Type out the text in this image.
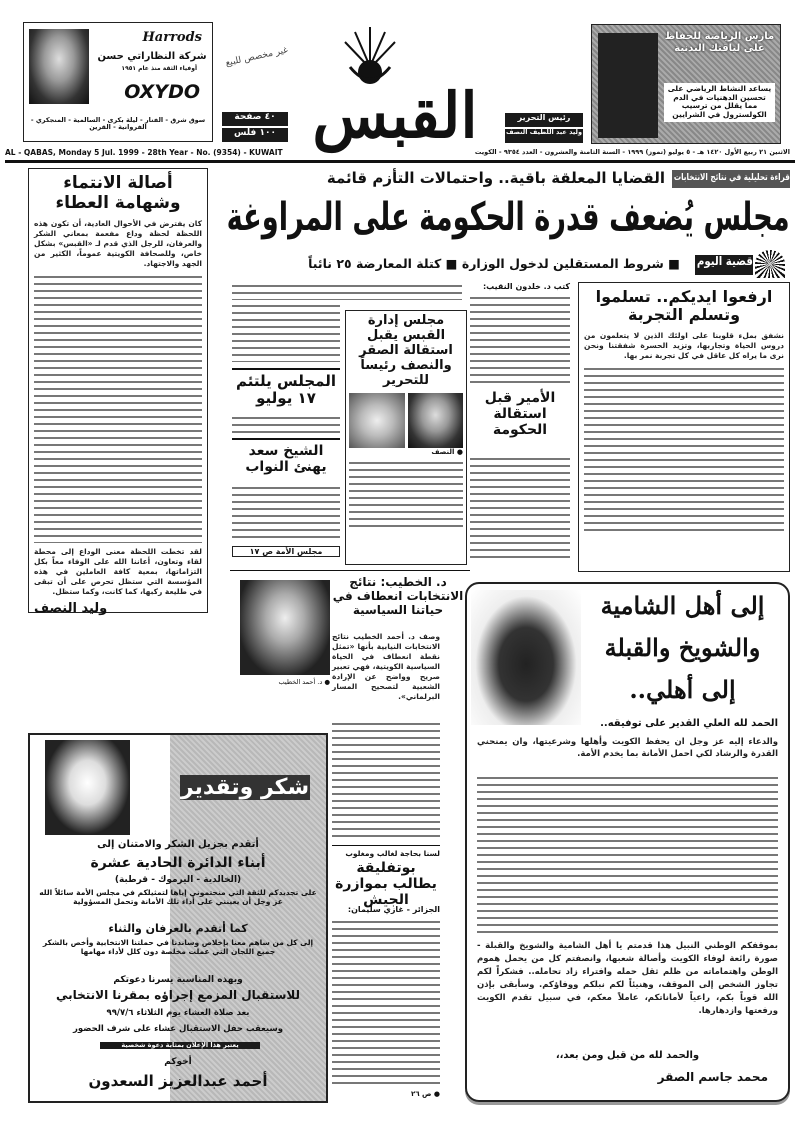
Harrods
شركة النظاراتي حسن
أوفياء الثقة منذ عام ١٩٥١
OXYDO
سوق شرق - الفنار - ليلة بكرى - السالمية - المنجكري - الفروانية - القرين
غير مخصص للبيع
٤٠ صفحة
١٠٠ فلس القبس	رئيس التحرير
وليد عبد اللطيف النصف
مارس الرياضة للحفاظ على لياقتك البدنية
يساعد النشاط الرياضي على تحسين الدهنيات في الدم مما يقلل من ترسيب الكولسترول في الشرايين
AL - QABAS, Monday 5 Jul. 1999 - 28th Year - No. (9354) - KUWAIT	الاثنين ٢١ ربيع الأول ١٤٢٠ هـ - ٥ يوليو (تموز) ١٩٩٩ - السنة الثامنة والعشرون - العدد ٩٣٥٤ - الكويت
أصالة الانتماء
وشهامة العطاء
كان يفترض في الأحوال العادية، أن تكون هذه اللحظة لحظة وداع مفعمة بمعاني الشكر والعرفان، للرجل الذي قدم لـ «القبس» بشكل خاص، وللصحافة الكويتية عموماً، الكثير من الجهد والاجتهاد.
لقد تخطت اللحظة معنى الوداع إلى محطة لقاء وتعاون، أعاننا الله على الوفاء معاً بكل التزاماتها، بمعية كافة العاملين في هذه المؤسسة التي ستظل تحرص على أن تبقى في طليعة ركبها، كما كانت، وكما ستظل.
وليد النصف
قراءة تحليلية في نتائج الانتخابات
القضايا المعلقة باقية.. واحتمالات التأزم قائمة
مجلس يُضعف قدرة الحكومة على المراوغة
قضية اليوم
■ شروط المستقلين لدخول الوزارة ■ كتلة المعارضة ٢٥ نائباً
ارفعوا ايديكم.. تسلموا
وتسلم التجربة
نشفق بملء قلوبنا على اولئك الذين لا يتعلمون من دروس الحياة وتجاربها، وتزيد الحسرة شفقتنا ونحن نرى ما يراه كل عاقل في كل تجربة نمر بها.
كتب د. خلدون النقيب:
الأمير قبل استقالة الحكومة
مجلس إدارة القبس يقبل استقالة الصقر والنصف رئيساً للتحرير
● النصف
المجلس يلتئم ١٧ يوليو
الشيخ سعد يهنئ النواب
مجلس الأمة ص ١٧
● د. أحمد الخطيب
د. الخطيب: نتائج الانتخابات انعطاف في حياتنا السياسية
وصف د. أحمد الخطيب نتائج الانتخابات النيابية بأنها «تمثل نقطة انعطاف في الحياة السياسية الكويتية، فهي تعبير صريح وواضح عن الإرادة الشعبية لتصحيح المسار البرلماني».
لسنا بحاجة لغالب ومغلوب
بوتفليقة يطالب بموازرة الجيش
الجزائر - غازي سليمان:
● ص ٢٦
شكر وتقدير
أتقدم بجزيل الشكر والامتنان إلى
أبناء الدائرة الحادية عشرة
(الخالدية - اليرموك - قرطبة)
على تجديدكم للثقة التي منحتموني إياها لتمثيلكم في مجلس الأمة سائلاً الله عز وجل أن يعينني على أداء تلك الأمانة وتحمل المسؤولية
كما أتقدم بالعرفان والثناء
إلى كل من ساهم معنا بإخلاص وساندنا في حملتنا الانتخابية وأخص بالشكر جميع اللجان التي عملت مخلصة دون كلل لأداء مهامها
وبهذه المناسبة يسرنا دعوتكم
للاستقبال المزمع إجراؤه بمقرنا الانتخابي
بعد صلاة العشاء يوم الثلاثاء ٩٩/٧/٦
وسيعقب حفل الاستقبال عشاء على شرف الحضور
يعتبر هذا الإعلان بمثابة دعوة شخصية
أخوكم
أحمد عبدالعزيز السعدون
إلى أهل الشامية
والشويخ والقبلة
إلى أهلي..
الحمد لله العلي القدير على توفيقه..
والدعاء إليه عز وجل ان يحفظ الكويت وأهلها وشرعيتها، وان يمنحني القدرة والرشاد لكي احمل الأمانة بما يخدم الأمة.
بموقفكم الوطني النبيل هذا قدمتم يا أهل الشامية والشويخ والقبلة - صورة رائعة لوفاء الكويت وأصالة شعبها، وانصفتم كل من يحمل هموم الوطن واهتماماته من ظلم ثقل حمله وافتراء زاد تحامله.. فشكراً لكم تجاوز الشخص إلى الموقف، وهنيئاً لكم نبلكم ووفاؤكم. وسأبقى بإذن الله قوياً بكم، راعياً لأماناتكم، عاملاً معكم، في سبيل تقدم الكويت ورفعتها وازدهارها.
والحمد لله من قبل ومن بعد،،
محمد جاسم الصقر
